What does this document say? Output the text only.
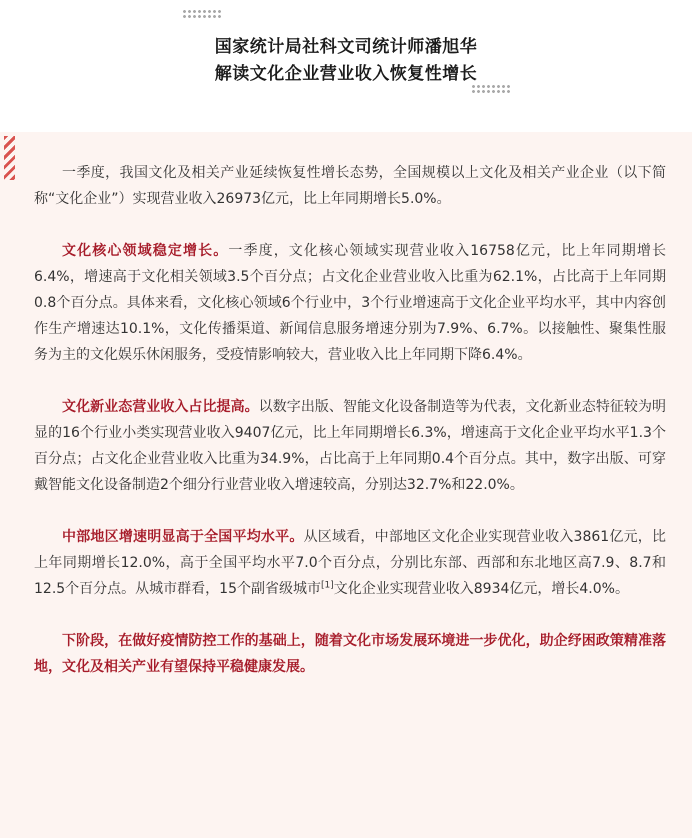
国家统计局社科文司统计师潘旭华
解读文化企业营业收入恢复性增长

一季度，我国文化及相关产业延续恢复性增长态势，全国规模以上文化及相关产业企业（以下简称“文化企业”）实现营业收入26973亿元，比上年同期增长5.0%。

文化核心领域稳定增长。一季度，文化核心领域实现营业收入16758亿元，比上年同期增长6.4%，增速高于文化相关领域3.5个百分点；占文化企业营业收入比重为62.1%，占比高于上年同期0.8个百分点。具体来看，文化核心领域6个行业中，3个行业增速高于文化企业平均水平，其中内容创作生产增速达10.1%，文化传播渠道、新闻信息服务增速分别为7.9%、6.7%。以接触性、聚集性服务为主的文化娱乐休闲服务，受疫情影响较大，营业收入比上年同期下降6.4%。

文化新业态营业收入占比提高。以数字出版、智能文化设备制造等为代表，文化新业态特征较为明显的16个行业小类实现营业收入9407亿元，比上年同期增长6.3%，增速高于文化企业平均水平1.3个百分点；占文化企业营业收入比重为34.9%，占比高于上年同期0.4个百分点。其中，数字出版、可穿戴智能文化设备制造2个细分行业营业收入增速较高，分别达32.7%和22.0%。

中部地区增速明显高于全国平均水平。从区域看，中部地区文化企业实现营业收入3861亿元，比上年同期增长12.0%，高于全国平均水平7.0个百分点，分别比东部、西部和东北地区高7.9、8.7和12.5个百分点。从城市群看，15个副省级城市[1]文化企业实现营业收入8934亿元，增长4.0%。

下阶段，在做好疫情防控工作的基础上，随着文化市场发展环境进一步优化，助企纾困政策精准落地，文化及相关产业有望保持平稳健康发展。
